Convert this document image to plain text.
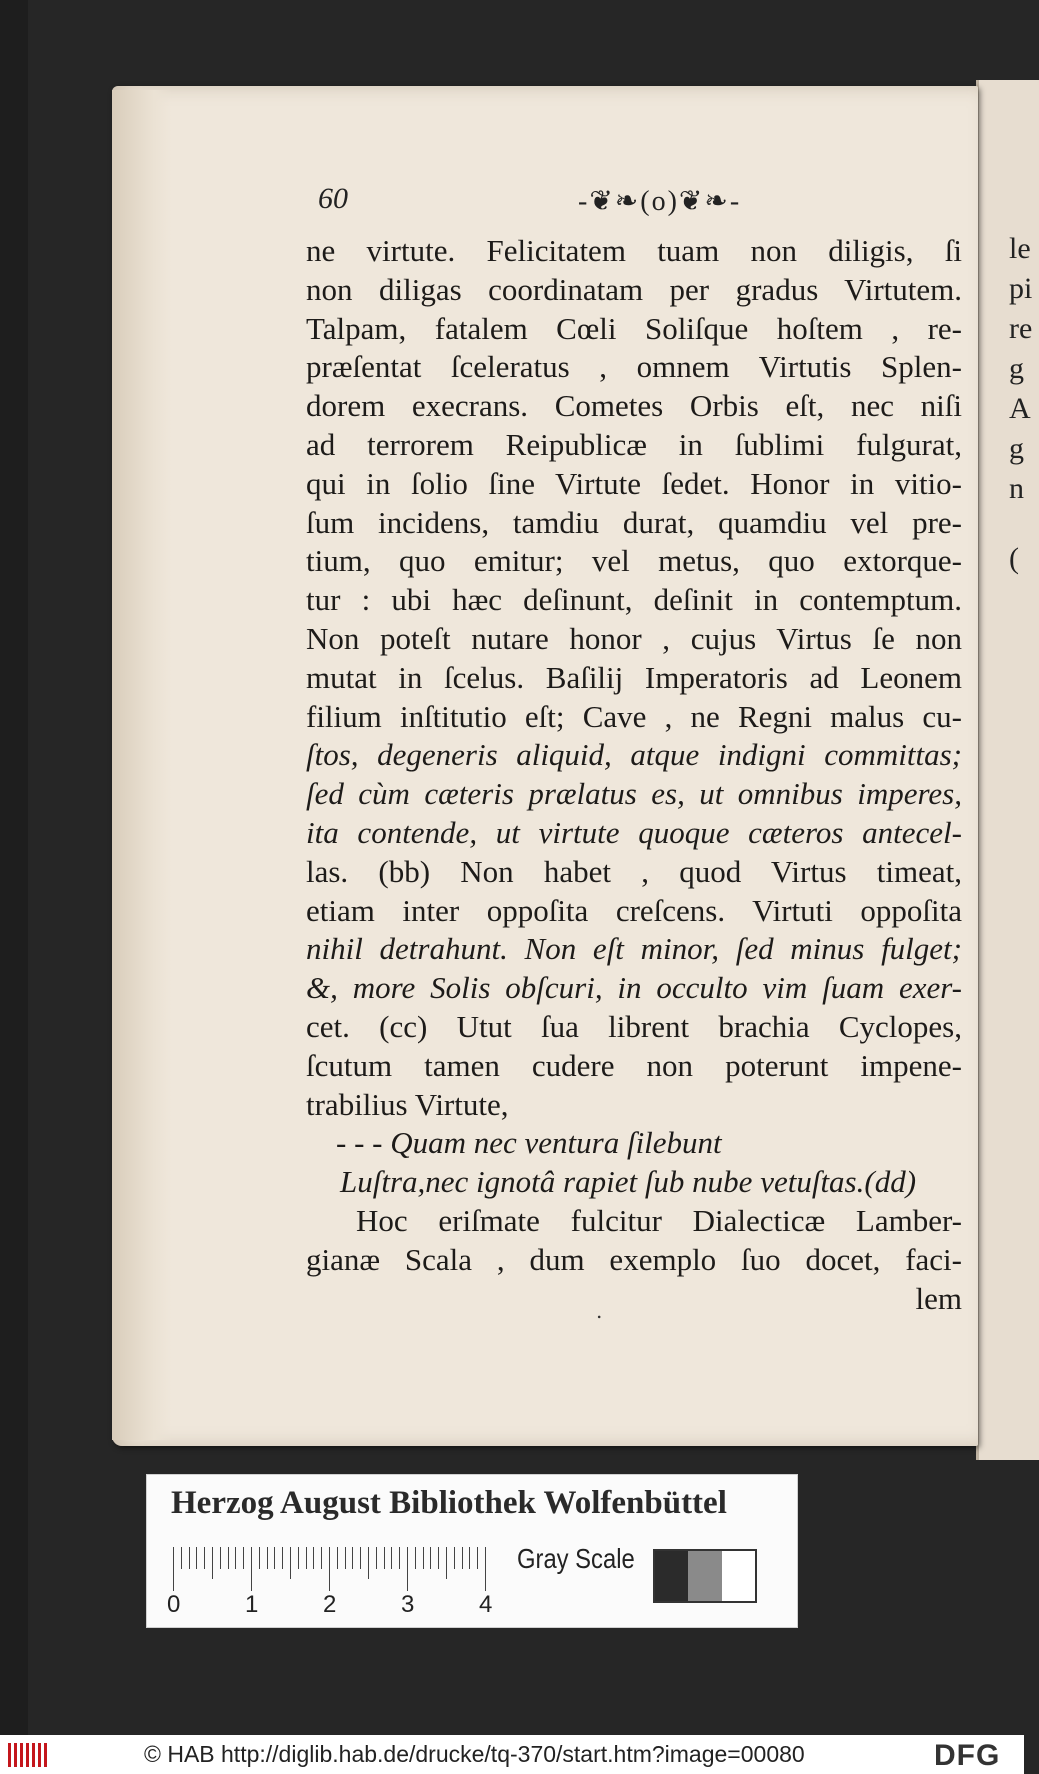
le
pi
re
g
A
g
n
(
60	-❦❧(o)❦❧-
ne virtute. Felicitatem tuam non diligis, ſi
non diligas coordinatam per gradus Virtutem.
Talpam, fatalem Cœli Soliſque hoſtem , re-
præſentat ſceleratus , omnem Virtutis Splen-
dorem execrans. Cometes Orbis eſt, nec niſi
ad terrorem Reipublicæ in ſublimi fulgurat,
qui in ſolio ſine Virtute ſedet. Honor in vitio-
ſum incidens, tamdiu durat, quamdiu vel pre-
tium, quo emitur; vel metus, quo extorque-
tur : ubi hæc deſinunt, deſinit in contemptum.
Non poteſt nutare honor , cujus Virtus ſe non
mutat in ſcelus. Baſilij Imperatoris ad Leonem
filium inſtitutio eſt; Cave , ne Regni malus cu-
ſtos, degeneris aliquid, atque indigni committas;
ſed cùm cæteris prælatus es, ut omnibus imperes,
ita contende, ut virtute quoque cæteros antecel-
las. (bb) Non habet , quod Virtus timeat,
etiam inter oppoſita creſcens. Virtuti oppoſita
nihil detrahunt. Non eſt minor, ſed minus fulget;
&, more Solis obſcuri, in occulto vim ſuam exer-
cet. (cc) Utut ſua librent brachia Cyclopes,
ſcutum tamen cudere non poterunt impene-
trabilius Virtute,
- - - Quam nec ventura ſilebunt
Luſtra,nec ignotâ rapiet ſub nube vetuſtas.(dd)
Hoc eriſmate fulcitur Dialecticæ Lamber-
gianæ Scala , dum exemplo ſuo docet, faci-
lem
.
Herzog August Bibliothek Wolfenbüttel
0	1	2	3	4
Gray Scale
© HAB http://diglib.hab.de/drucke/tq-370/start.htm?image=00080	DFG
